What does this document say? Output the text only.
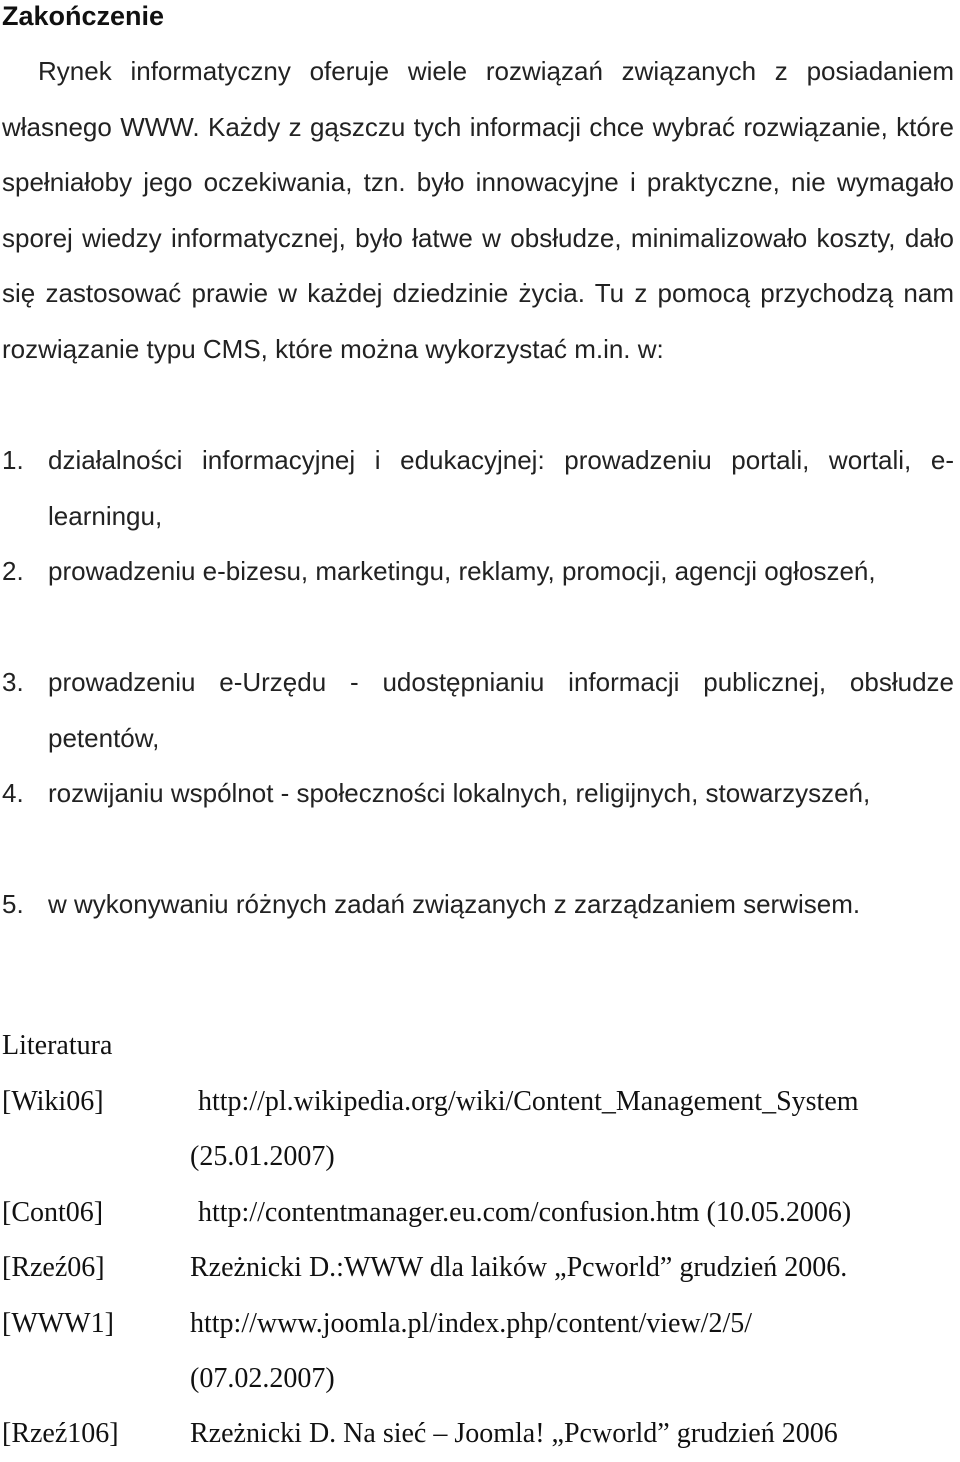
Zakończenie

Rynek informatyczny oferuje wiele rozwiązań związanych z posiadaniem własnego WWW. Każdy z gąszczu tych informacji chce wybrać rozwiązanie, które spełniałoby jego oczekiwania, tzn. było innowacyjne i praktyczne, nie wymagało sporej wiedzy informatycznej, było łatwe w obsłudze, minimalizowało koszty, dało się zastosować prawie w każdej dziedzinie życia. Tu z pomocą przychodzą nam rozwiązanie typu CMS, które można wykorzystać m.in. w:

1. działalności informacyjnej i edukacyjnej: prowadzeniu portali, wortali, e-learningu,
2. prowadzeniu e-bizesu, marketingu, reklamy, promocji, agencji ogłoszeń,
3. prowadzeniu e-Urzędu - udostępnianiu informacji publicznej, obsłudze petentów,
4. rozwijaniu wspólnot - społeczności lokalnych, religijnych, stowarzyszeń,
5. w wykonywaniu różnych zadań związanych z zarządzaniem serwisem.
Literatura
[Wiki06]	http://pl.wikipedia.org/wiki/Content_Management_System
(25.01.2007)
[Cont06]	http://contentmanager.eu.com/confusion.htm (10.05.2006)
[Rzeź06]	Rzeżnicki D.:WWW dla laików „Pcworld” grudzień 2006.
[WWW1]	http://www.joomla.pl/index.php/content/view/2/5/
(07.02.2007)
[Rzeź106]	Rzeżnicki D. Na sieć – Joomla! „Pcworld” grudzień 2006
